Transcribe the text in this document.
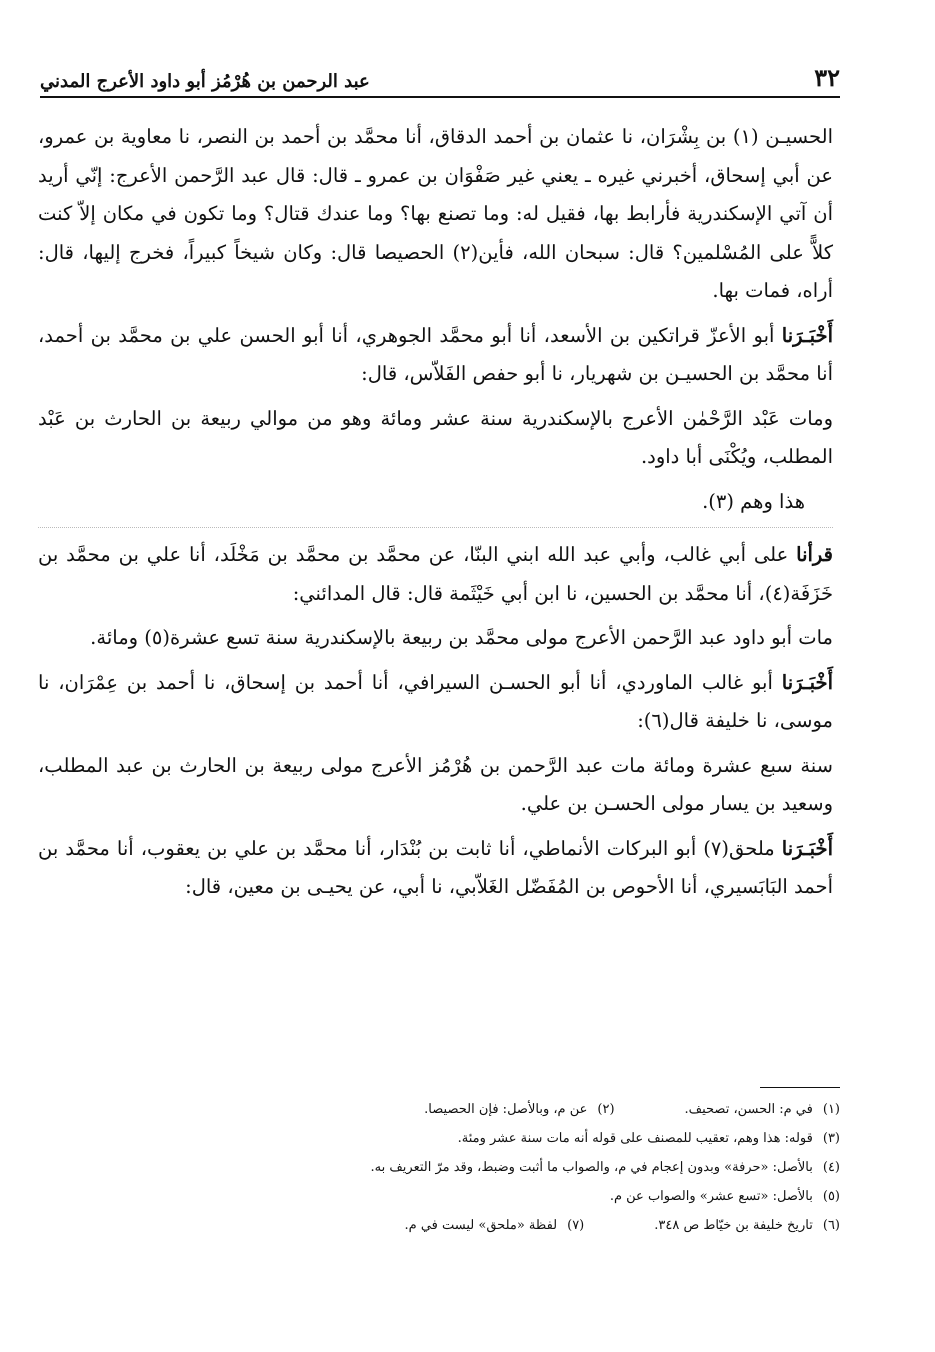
٣٢
عبد الرحمن بن هُرْمُز أبو داود الأعرج المدني

الحسيـن (١) بن بِشْرَان، نا عثمان بن أحمد الدقاق، أنا محمَّد بن أحمد بن النصر، نا معاوية بن عمرو، عن أبي إسحاق، أخبرني غيره ـ يعني غير صَفْوَان بن عمرو ـ قال: قال عبد الرَّحمن الأعرج: إنّي أريد أن آتي الإسكندرية فأرابط بها، فقيل له: وما تصنع بها؟ وما عندك قتال؟ وما تكون في مكان إلاّ كنت كلاًّ على المُسْلمين؟ قال: سبحان الله، فأين(٢) الحصيصا قال: وكان شيخاً كبيراً، فخرج إليها، قال: أراه، فمات بها.

أَخْبَـرَنا أبو الأعزّ قراتكين بن الأسعد، أنا أبو محمَّد الجوهري، أنا أبو الحسن علي بن محمَّد بن أحمد، أنا محمَّد بن الحسيـن بن شهريار، نا أبو حفص الفَلاّس، قال:

ومات عَبْد الرَّحْمٰن الأعرج بالإسكندرية سنة عشر ومائة وهو من موالي ربيعة بن الحارث بن عَبْد المطلب، ويُكْنَى أبا داود.

هذا وهم (٣).

قرأنا على أبي غالب، وأبي عبد الله ابني البنّا، عن محمَّد بن محمَّد بن مَخْلَد، أنا علي بن محمَّد بن خَزَفَة(٤)، أنا محمَّد بن الحسين، نا ابن أبي خَيْثَمة قال: قال المدائني:

مات أبو داود عبد الرَّحمن الأعرج مولى محمَّد بن ربيعة بالإسكندرية سنة تسع عشرة(٥) ومائة.

أَخْبَـرَنا أبو غالب الماوردي، أنا أبو الحسـن السيرافي، أنا أحمد بن إسحاق، نا أحمد بن عِمْرَان، نا موسى، نا خليفة قال(٦):

سنة سبع عشرة ومائة مات عبد الرَّحمن بن هُرْمُز الأعرج مولى ربيعة بن الحارث بن عبد المطلب، وسعيد بن يسار مولى الحسـن بن علي.

أَخْبَـرَنا ملحق(٧) أبو البركات الأنماطي، أنا ثابت بن بُنْدَار، أنا محمَّد بن علي بن يعقوب، أنا محمَّد بن أحمد البَابَسيري، أنا الأحوص بن المُفَضّل الغَلاّبي، نا أبي، عن يحيـى بن معين، قال:

(١)في م: الحسن، تصحيف.
(٢)عن م، وبالأصل: فإن الحصيصا.
(٣)قوله: هذا وهم، تعقيب للمصنف على قوله أنه مات سنة عشر ومئة.
(٤)بالأصل: «حرفة» وبدون إعجام في م، والصواب ما أثبت وضبط، وقد مرّ التعريف به.
(٥)بالأصل: «تسع عشر» والصواب عن م.
(٦)تاريخ خليفة بن خيّاط ص ٣٤٨.
(٧)لفظة «ملحق» ليست في م.
